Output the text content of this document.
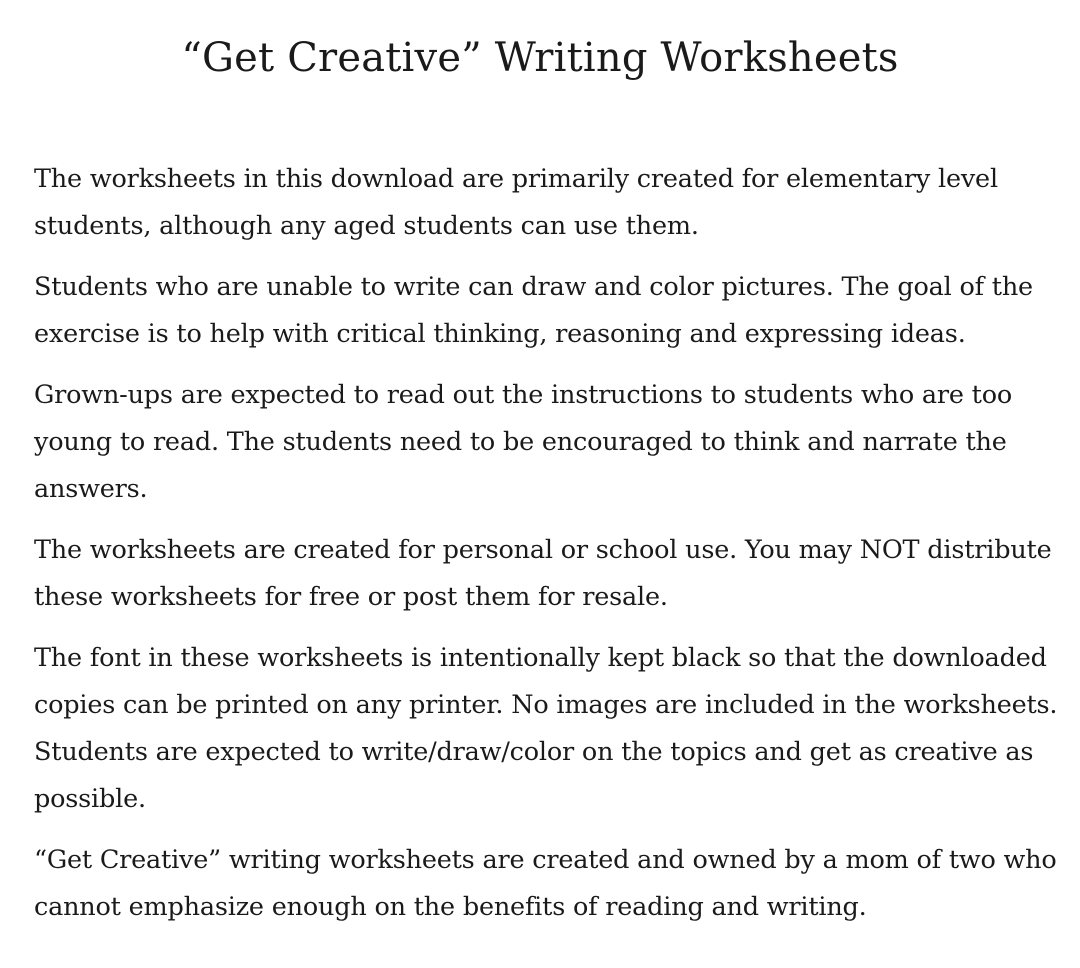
“Get Creative” Writing Worksheets

The worksheets in this download are primarily created for elementary level
students, although any aged students can use them.

Students who are unable to write can draw and color pictures. The goal of the
exercise is to help with critical thinking, reasoning and expressing ideas.

Grown-ups are expected to read out the instructions to students who are too
young to read. The students need to be encouraged to think and narrate the
answers.

The worksheets are created for personal or school use. You may NOT distribute
these worksheets for free or post them for resale.

The font in these worksheets is intentionally kept black so that the downloaded
copies can be printed on any printer. No images are included in the worksheets.
Students are expected to write/draw/color on the topics and get as creative as
possible.

“Get Creative” writing worksheets are created and owned by a mom of two who
cannot emphasize enough on the benefits of reading and writing.
